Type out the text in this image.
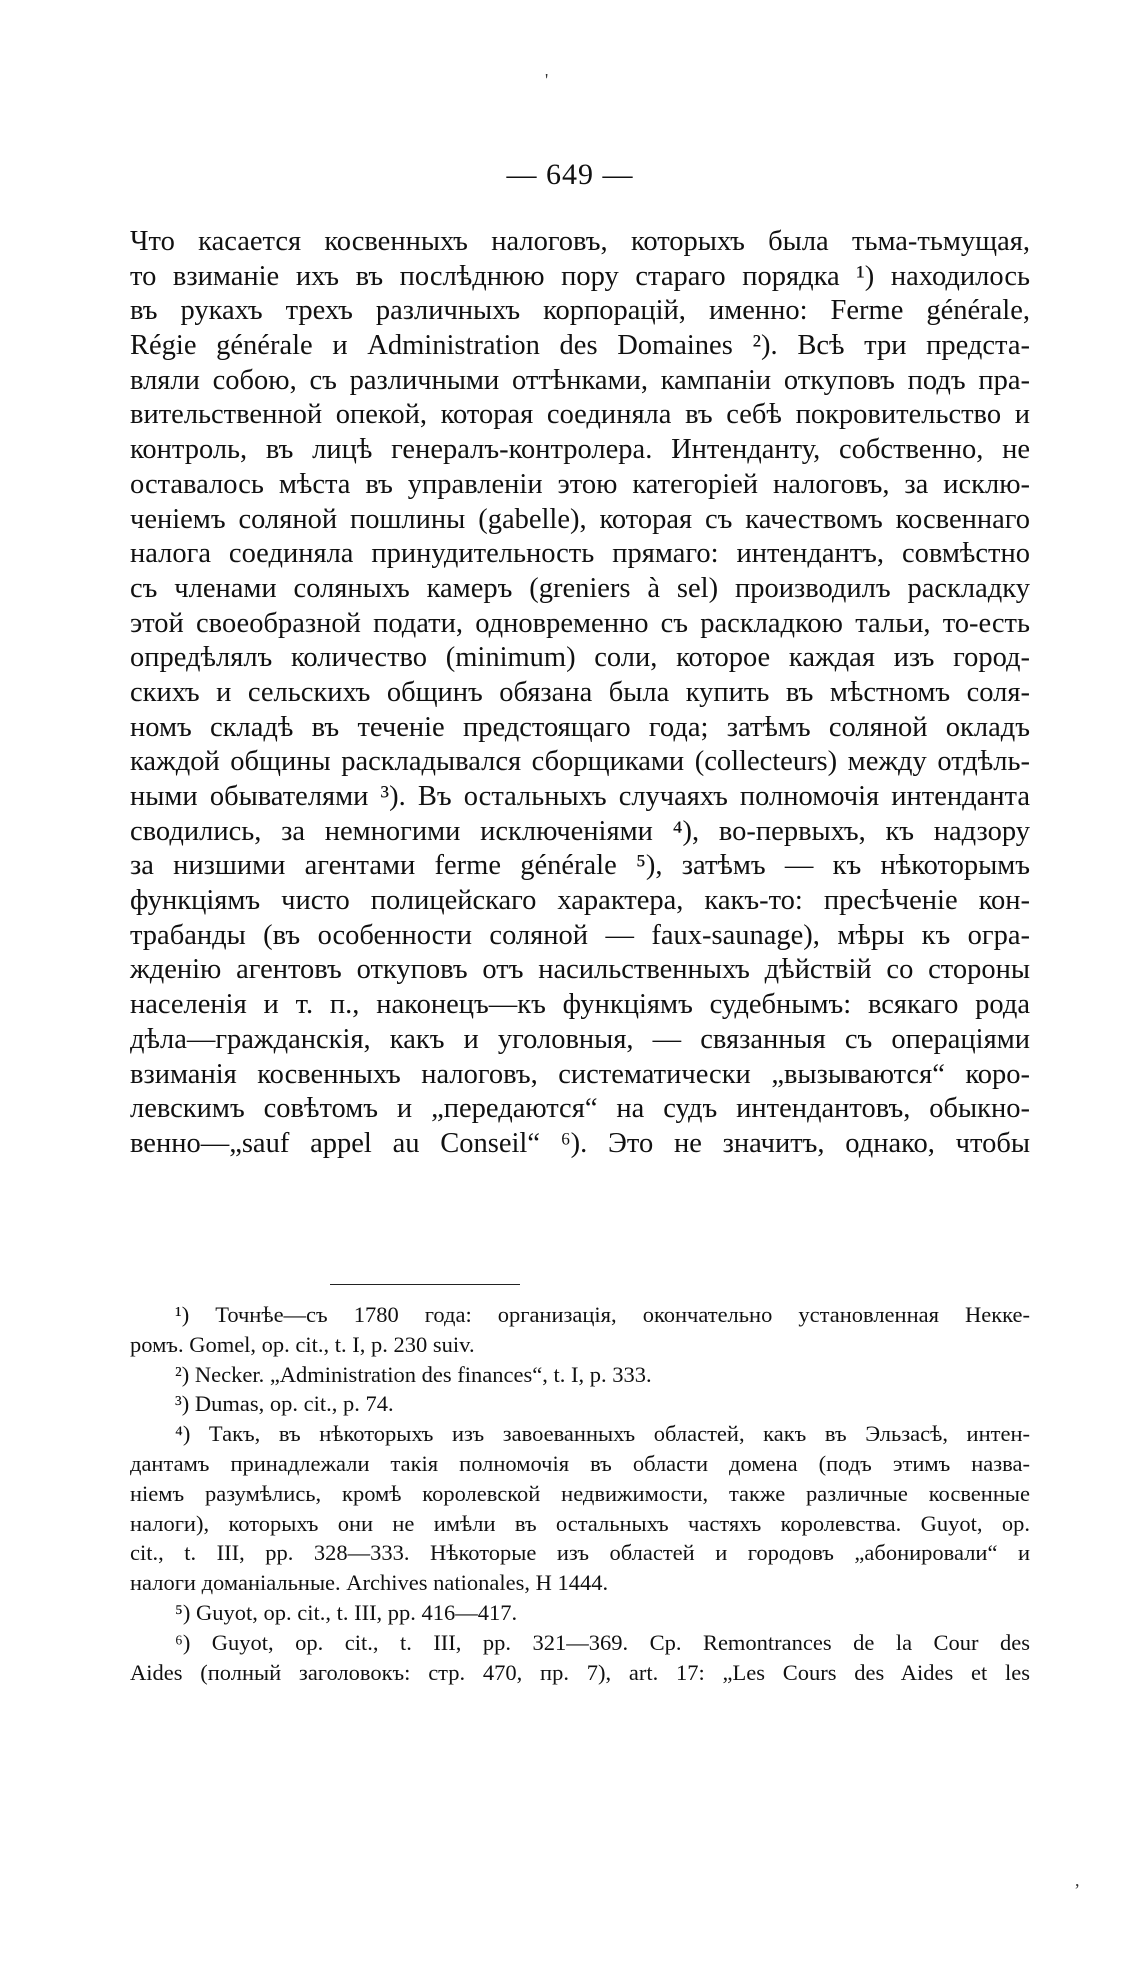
'
,
— 649 —
Что касается косвенныхъ налоговъ, которыхъ была тьма-тьмущая,
то взиманіе ихъ въ послѣднюю пору стараго порядка ¹) находилось
въ рукахъ трехъ различныхъ корпорацій, именно: Ferme générale,
Régie générale и Administration des Domaines ²). Всѣ три предста-
вляли собою, съ различными оттѣнками, кампаніи откуповъ подъ пра-
вительственной опекой, которая соединяла въ себѣ покровительство и
контроль, въ лицѣ генералъ-контролера. Интенданту, собственно, не
оставалось мѣста въ управленіи этою категоріей налоговъ, за исклю-
ченіемъ соляной пошлины (gabelle), которая съ качествомъ косвеннаго
налога соединяла принудительность прямаго: интендантъ, совмѣстно
съ членами соляныхъ камеръ (greniers à sel) производилъ раскладку
этой своеобразной подати, одновременно съ раскладкою тальи, то-есть
опредѣлялъ количество (minimum) соли, которое каждая изъ город-
скихъ и сельскихъ общинъ обязана была купить въ мѣстномъ соля-
номъ складѣ въ теченіе предстоящаго года; затѣмъ соляной окладъ
каждой общины раскладывался сборщиками (collecteurs) между отдѣль-
ными обывателями ³). Въ остальныхъ случаяхъ полномочія интенданта
сводились, за немногими исключеніями ⁴), во-первыхъ, къ надзору
за низшими агентами ferme générale ⁵), затѣмъ — къ нѣкоторымъ
функціямъ чисто полицейскаго характера, какъ-то: пресѣченіе кон-
трабанды (въ особенности соляной — faux-saunage), мѣры къ огра-
жденію агентовъ откуповъ отъ насильственныхъ дѣйствій со стороны
населенія и т. п., наконецъ—къ функціямъ судебнымъ: всякаго рода
дѣла—гражданскія, какъ и уголовныя, — связанныя съ операціями
взиманія косвенныхъ налоговъ, систематически „вызываются“ коро-
левскимъ совѣтомъ и „передаются“ на судъ интендантовъ, обыкно-
венно—„sauf appel au Conseil“ ⁶). Это не значитъ, однако, чтобы
¹) Точнѣе—съ 1780 года: организація, окончательно установленная Некке-
ромъ. Gomel, op. cit., t. I, p. 230 suiv.
²) Necker. „Administration des finances“, t. I, p. 333.
³) Dumas, op. cit., p. 74.
⁴) Такъ, въ нѣкоторыхъ изъ завоеванныхъ областей, какъ въ Эльзасѣ, интен-
дантамъ принадлежали такія полномочія въ области домена (подъ этимъ назва-
ніемъ разумѣлись, кромѣ королевской недвижимости, также различные косвенные
налоги), которыхъ они не имѣли въ остальныхъ частяхъ королевства. Guyot, op.
cit., t. III, pp. 328—333. Нѣкоторые изъ областей и городовъ „абонировали“ и
налоги доманіальные. Archives nationales, H 1444.
⁵) Guyot, op. cit., t. III, pp. 416—417.
⁶) Guyot, op. cit., t. III, pp. 321—369. Cp. Remontrances de la Cour des
Aides (полный заголовокъ: стр. 470, пр. 7), art. 17: „Les Cours des Aides et les
